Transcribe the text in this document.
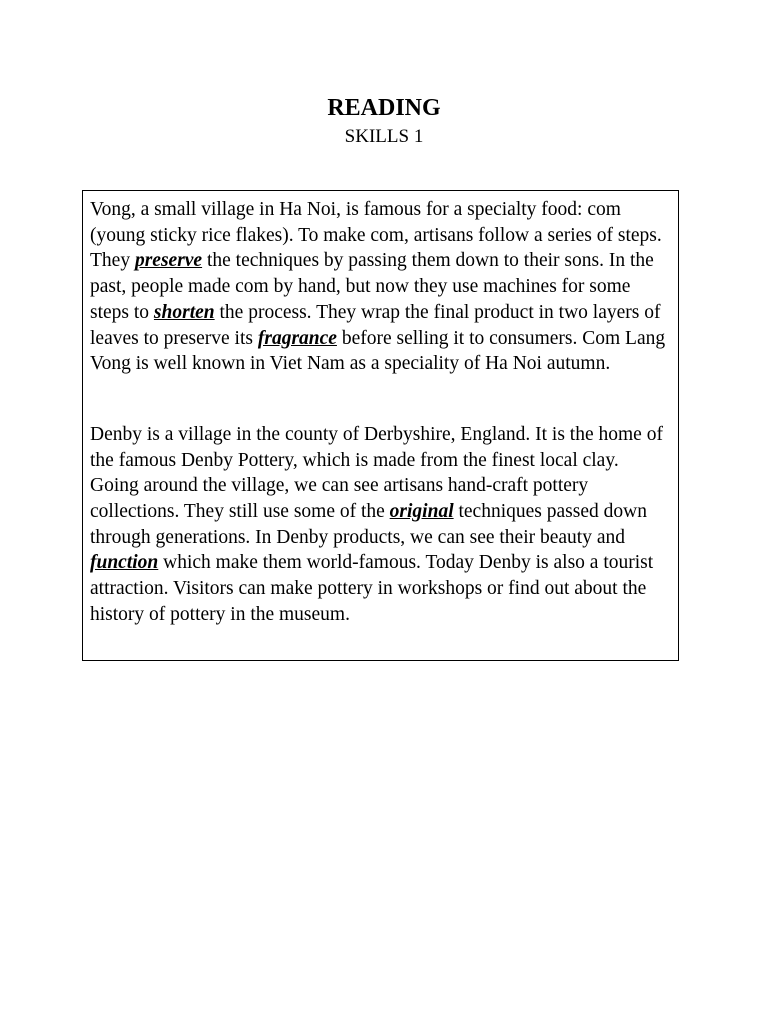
READING
SKILLS 1

Vong, a small village in Ha Noi, is famous for a specialty food: com (young sticky rice flakes). To make com, artisans follow a series of steps. They preserve the techniques by passing them down to their sons. In the past, people made com by hand, but now they use machines for some steps to shorten the process. They wrap the final product in two layers of leaves to preserve its fragrance before selling it to consumers. Com Lang Vong is well known in Viet Nam as a speciality of Ha Noi autumn.

Denby is a village in the county of Derbyshire, England. It is the home of the famous Denby Pottery, which is made from the finest local clay. Going around the village, we can see artisans hand-craft pottery collections. They still use some of the original techniques passed down through generations. In Denby products, we can see their beauty and function which make them world-famous. Today Denby is also a tourist attraction. Visitors can make pottery in workshops or find out about the history of pottery in the museum.
